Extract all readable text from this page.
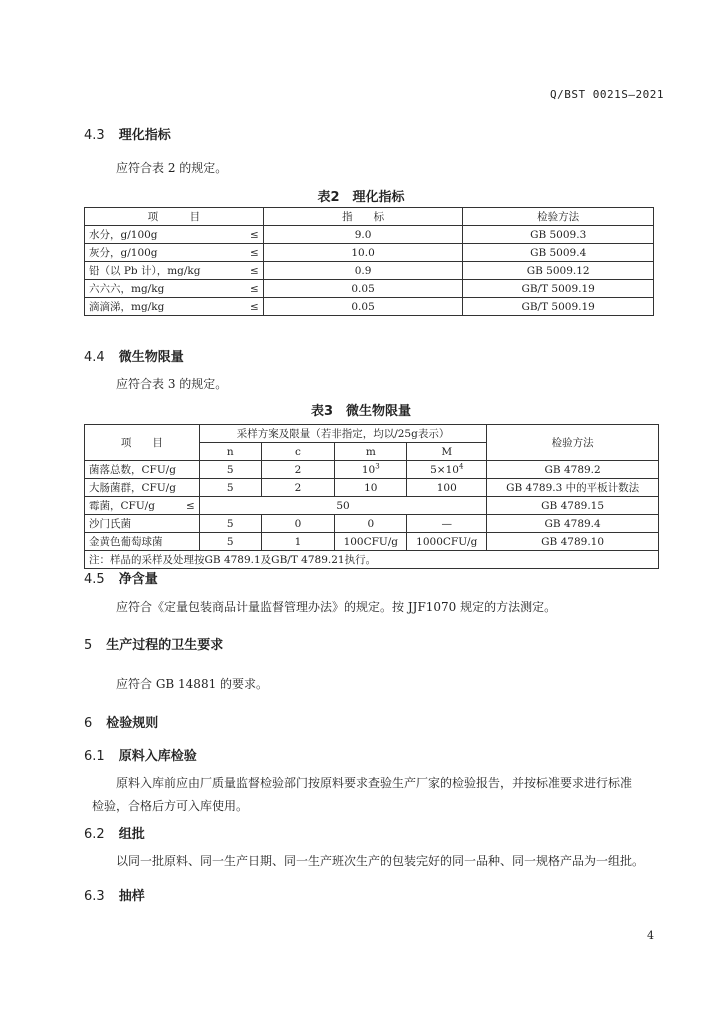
Q/BST 0021S—2021
4.3 理化指标
应符合表 2 的规定。
表2　理化指标
项　　　目	指　　标	检验方法

水分，g/100g ≤	9.0	GB 5009.3

灰分，g/100g ≤	10.0	GB 5009.4

铅（以 Pb 计），mg/kg ≤	0.9	GB 5009.12

六六六，mg/kg ≤	0.05	GB/T 5009.19

滴滴涕，mg/kg ≤	0.05	GB/T 5009.19
4.4 微生物限量
应符合表 3 的规定。
表3　微生物限量
项　　目	采样方案及限量（若非指定，均以/25g表示）				检验方法
	n	c	m	M	
菌落总数，CFU/g	5	2	$10^3$	$5\times 10^4$	GB 4789.2
大肠菌群，CFU/g	5	2	10	100	GB 4789.3 中的平板计数法

霉菌，CFU/g ≤	50				GB 4789.15
沙门氏菌	5	0	0	—	GB 4789.4
金黄色葡萄球菌	5	1	100CFU/g	1000CFU/g	GB 4789.10
注：样品的采样及处理按GB 4789.1及GB/T 4789.21执行。					
4.5 净含量
应符合《定量包装商品计量监督管理办法》的规定。按 JJF1070 规定的方法测定。
5 生产过程的卫生要求
应符合 GB 14881 的要求。
6 检验规则
6.1 原料入库检验
原料入库前应由厂质量监督检验部门按原料要求查验生产厂家的检验报告，并按标准要求进行标准
检验，合格后方可入库使用。
6.2 组批
以同一批原料、同一生产日期、同一生产班次生产的包装完好的同一品种、同一规格产品为一组批。
6.3 抽样
4
